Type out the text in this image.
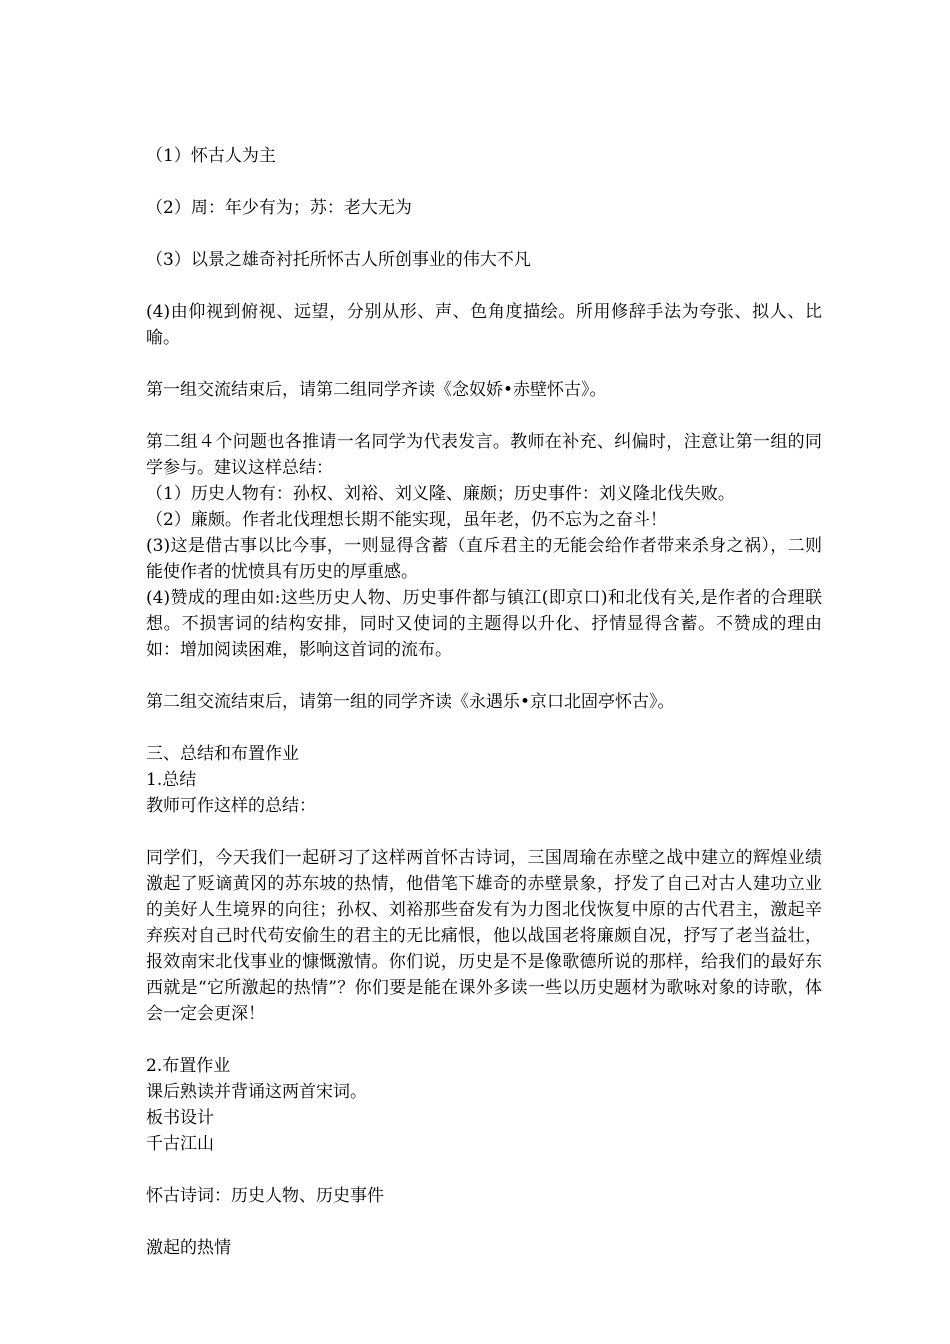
（1）怀古人为主
（2）周：年少有为；苏：老大无为
（3）以景之雄奇衬托所怀古人所创事业的伟大不凡
(4)由仰视到俯视、远望，分别从形、声、色角度描绘。所用修辞手法为夸张、拟人、比喻。
第一组交流结束后，请第二组同学齐读《念奴娇•赤壁怀古》。
第二组４个问题也各推请一名同学为代表发言。教师在补充、纠偏时，注意让第一组的同学参与。建议这样总结：
（1）历史人物有：孙权、刘裕、刘义隆、廉颇；历史事件：刘义隆北伐失败。
（2）廉颇。作者北伐理想长期不能实现，虽年老，仍不忘为之奋斗！
(3)这是借古事以比今事，一则显得含蓄（直斥君主的无能会给作者带来杀身之祸），二则能使作者的忧愤具有历史的厚重感。
(4)赞成的理由如:这些历史人物、历史事件都与镇江(即京口)和北伐有关,是作者的合理联想。不损害词的结构安排，同时又使词的主题得以升化、抒情显得含蓄。不赞成的理由如：增加阅读困难，影响这首词的流布。
第二组交流结束后，请第一组的同学齐读《永遇乐•京口北固亭怀古》。
三、总结和布置作业
1.总结
教师可作这样的总结：
同学们，今天我们一起研习了这样两首怀古诗词，三国周瑜在赤壁之战中建立的辉煌业绩激起了贬谪黄冈的苏东坡的热情，他借笔下雄奇的赤壁景象，抒发了自己对古人建功立业的美好人生境界的向往；孙权、刘裕那些奋发有为力图北伐恢复中原的古代君主，激起辛弃疾对自己时代苟安偷生的君主的无比痛恨，他以战国老将廉颇自况，抒写了老当益壮，报效南宋北伐事业的慷慨激情。你们说，历史是不是像歌德所说的那样，给我们的最好东西就是“它所激起的热情”？你们要是能在课外多读一些以历史题材为歌咏对象的诗歌，体会一定会更深！
2.布置作业
课后熟读并背诵这两首宋词。
板书设计
千古江山
怀古诗词：历史人物、历史事件
激起的热情
